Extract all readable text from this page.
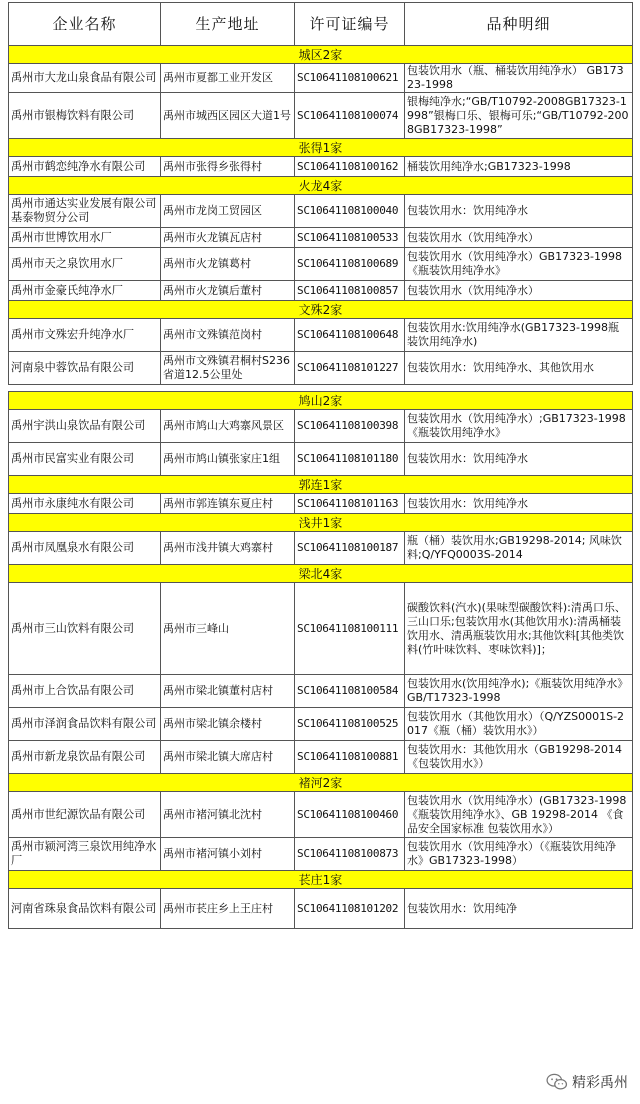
企业名称	生产地址	许可证编号	品种明细
城区2家			
禹州市大龙山泉食品有限公司	禹州市夏都工业开发区	SC10641108100621	包装饮用水（瓶、桶装饮用纯净水） GB17323-1998
禹州市银梅饮料有限公司	禹州市城西区园区大道1号	SC10641108100074	银梅纯净水;“GB/T10792-2008GB17323-1998”银梅口乐、银梅可乐;“GB/T10792-2008GB17323-1998”
张得1家			
禹州市鹤恋纯净水有限公司	禹州市张得乡张得村	SC10641108100162	桶装饮用纯净水;GB17323-1998
火龙4家			
禹州市通达实业发展有限公司基泰物贸分公司	禹州市龙岗工贸园区	SC10641108100040	包装饮用水：饮用纯净水
禹州市世博饮用水厂	禹州市火龙镇瓦店村	SC10641108100533	包装饮用水（饮用纯净水）
禹州市天之泉饮用水厂	禹州市火龙镇葛村	SC10641108100689	包装饮用水（饮用纯净水）GB17323-1998《瓶装饮用纯净水》
禹州市金豪氏纯净水厂	禹州市火龙镇后董村	SC10641108100857	包装饮用水（饮用纯净水）
文殊2家			
禹州市文殊宏升纯净水厂	禹州市文殊镇范岗村	SC10641108100648	包装饮用水:饮用纯净水(GB17323-1998瓶装饮用纯净水)
河南泉中蓉饮品有限公司	禹州市文殊镇君桐村S236省道12.5公里处	SC10641108101227	包装饮用水：饮用纯净水、其他饮用水

鸠山2家			
禹州宇洪山泉饮品有限公司	禹州市鸠山大鸡寨风景区	SC10641108100398	包装饮用水（饮用纯净水）;GB17323-1998《瓶装饮用纯净水》
禹州市民富实业有限公司	禹州市鸠山镇张家庄1组	SC10641108101180	包装饮用水：饮用纯净水
郭连1家			
禹州市永康纯水有限公司	禹州市郭连镇东夏庄村	SC10641108101163	包装饮用水：饮用纯净水
浅井1家			
禹州市凤凰泉水有限公司	禹州市浅井镇大鸡寨村	SC10641108100187	瓶（桶）装饮用水;GB19298-2014; 风味饮料;Q/YFQ0003S-2014
梁北4家			
禹州市三山饮料有限公司	禹州市三峰山	SC10641108100111	碳酸饮料(汽水)(果味型碳酸饮料):清禹口乐、三山口乐;包装饮用水(其他饮用水):清禹桶装饮用水、清禹瓶装饮用水;其他饮料[其他类饮料(竹叶味饮料、枣味饮料)]；
禹州市上合饮品有限公司	禹州市梁北镇董村店村	SC10641108100584	包装饮用水(饮用纯净水);《瓶装饮用纯净水》GB/T17323-1998
禹州市泽润食品饮料有限公司	禹州市梁北镇余楼村	SC10641108100525	包装饮用水（其他饮用水）（Q/YZS0001S-2017《瓶（桶）装饮用水》）
禹州市新龙泉饮品有限公司	禹州市梁北镇大席店村	SC10641108100881	包装饮用水：其他饮用水（GB19298-2014《包装饮用水》）
褚河2家			
禹州市世纪源饮品有限公司	禹州市褚河镇北沈村	SC10641108100460	包装饮用水（饮用纯净水）(GB17323-1998《瓶装饮用纯净水》、GB 19298-2014 《食品安全国家标准 包装饮用水》）
禹州市颍河湾三泉饮用纯净水厂	禹州市褚河镇小刘村	SC10641108100873	包装饮用水（饮用纯净水）（《瓶装饮用纯净水》GB17323-1998）
苌庄1家			
河南省珠泉食品饮料有限公司	禹州市苌庄乡上王庄村	SC10641108101202	包装饮用水：饮用纯净
精彩禹州
